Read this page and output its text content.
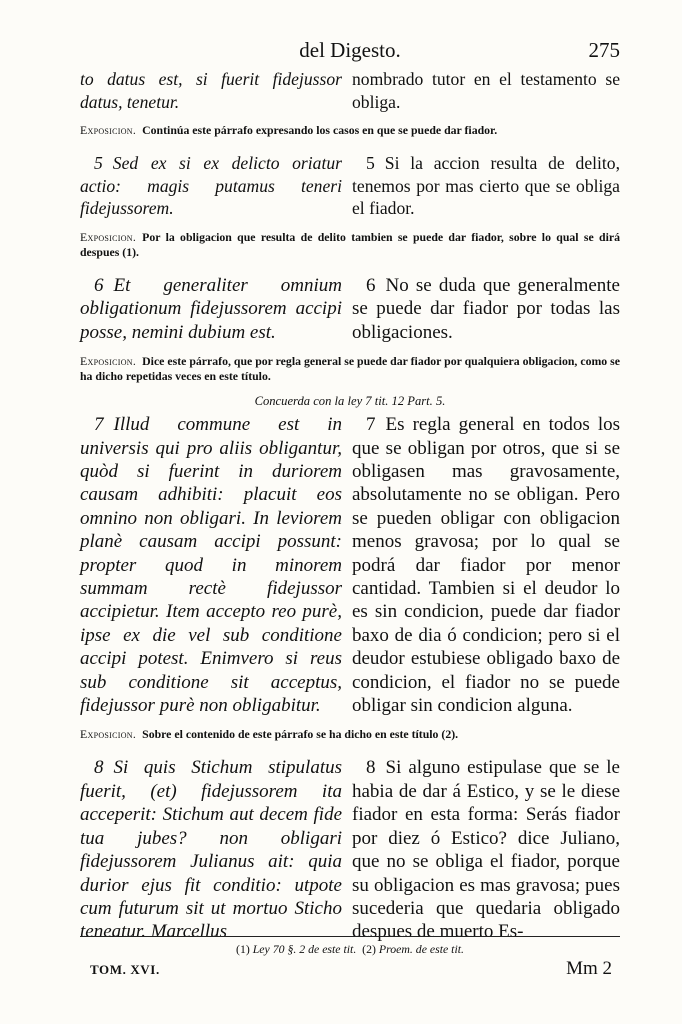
del Digesto.	275
to datus est, si fuerit fidejussor datus, tenetur.
nombrado tutor en el testamento se obliga.
Exposicion. Continúa este párrafo expresando los casos en que se puede dar fiador.
5 Sed ex si ex delicto oriatur actio: magis putamus teneri fidejussorem.
5 Si la accion resulta de delito, tenemos por mas cierto que se obliga el fiador.
Exposicion. Por la obligacion que resulta de delito tambien se puede dar fiador, sobre lo qual se dirá despues (1).
6 Et generaliter omnium obligationum fidejussorem accipi posse, nemini dubium est.
6 No se duda que generalmente se puede dar fiador por todas las obligaciones.
Exposicion. Dice este párrafo, que por regla general se puede dar fiador por qualquiera obligacion, como se ha dicho repetidas veces en este título.
Concuerda con la ley 7 tit. 12 Part. 5.
7 Illud commune est in universis qui pro aliis obligantur, quòd si fuerint in duriorem causam adhibiti: placuit eos omnino non obligari. In leviorem planè causam accipi possunt: propter quod in minorem summam rectè fidejussor accipietur. Item accepto reo purè, ipse ex die vel sub conditione accipi potest. Enimvero si reus sub conditione sit acceptus, fidejussor purè non obligabitur.
7 Es regla general en todos los que se obligan por otros, que si se obligasen mas gravosamente, absolutamente no se obligan. Pero se pueden obligar con obligacion menos gravosa; por lo qual se podrá dar fiador por menor cantidad. Tambien si el deudor lo es sin condicion, puede dar fiador baxo de dia ó condicion; pero si el deudor estubiese obligado baxo de condicion, el fiador no se puede obligar sin condicion alguna.
Exposicion. Sobre el contenido de este párrafo se ha dicho en este título (2).
8 Si quis Stichum stipulatus fuerit, (et) fidejussorem ita acceperit: Stichum aut decem fide tua jubes? non obligari fidejussorem Julianus ait: quia durior ejus fit conditio: utpote cum futurum sit ut mortuo Sticho teneatur. Marcellus
8 Si alguno estipulase que se le habia de dar á Estico, y se le diese fiador en esta forma: Serás fiador por diez ó Estico? dice Juliano, que no se obliga el fiador, porque su obligacion es mas gravosa; pues sucederia que quedaria obligado despues de muerto Es-
(1) Ley 70 §. 2 de este tit. (2) Proem. de este tit.
TOM. XVI.	Mm 2
